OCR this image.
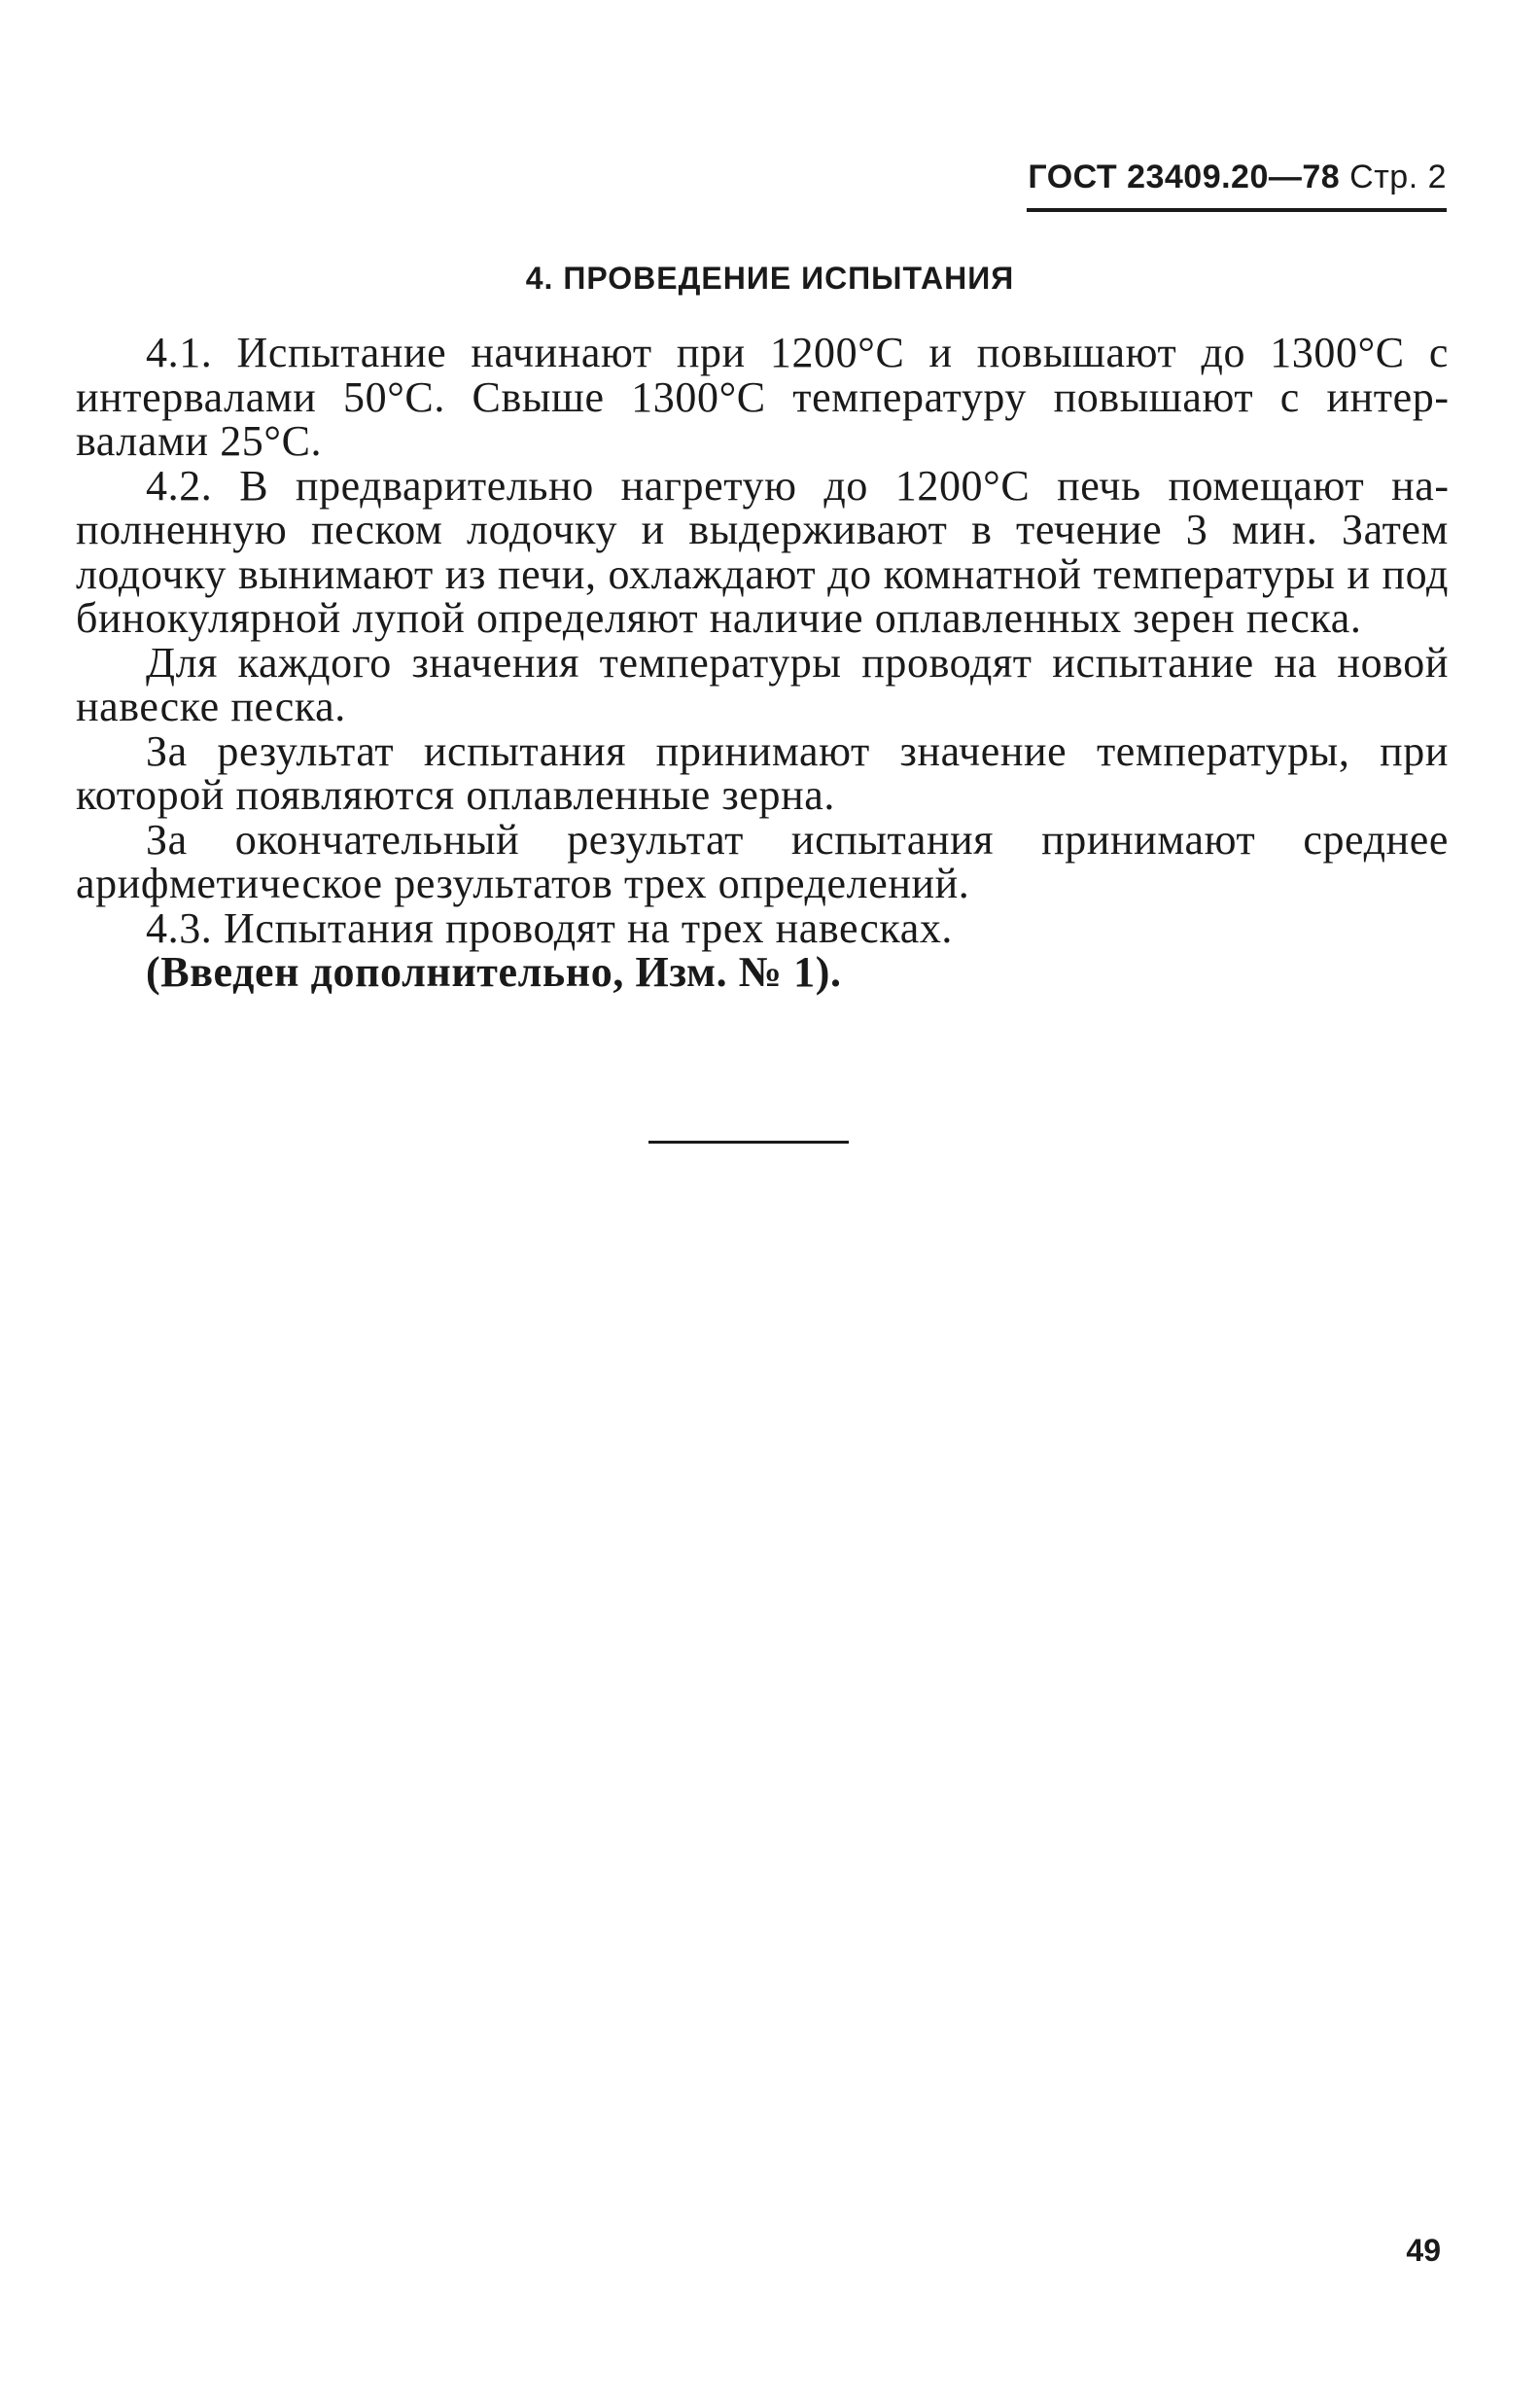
ГОСТ 23409.20—78 Стр. 2
4. ПРОВЕДЕНИЕ ИСПЫТАНИЯ

4.1. Испытание начинают при 1200°С и повышают до 1300°С с интервалами 50°С. Свыше 1300°С температуру повышают с интервалами 25°С.

4.2. В предварительно нагретую до 1200°С печь помещают наполненную песком лодочку и выдерживают в течение 3 мин. Затем лодочку вынимают из печи, охлаждают до комнатной температуры и под бинокулярной лупой определяют наличие оплавленных зерен песка.

Для каждого значения температуры проводят испытание на новой навеске песка.

За результат испытания принимают значение температуры, при которой появляются оплавленные зерна.

За окончательный результат испытания принимают среднее арифметическое результатов трех определений.

4.3. Испытания проводят на трех навесках.

(Введен дополнительно, Изм. № 1).

49
